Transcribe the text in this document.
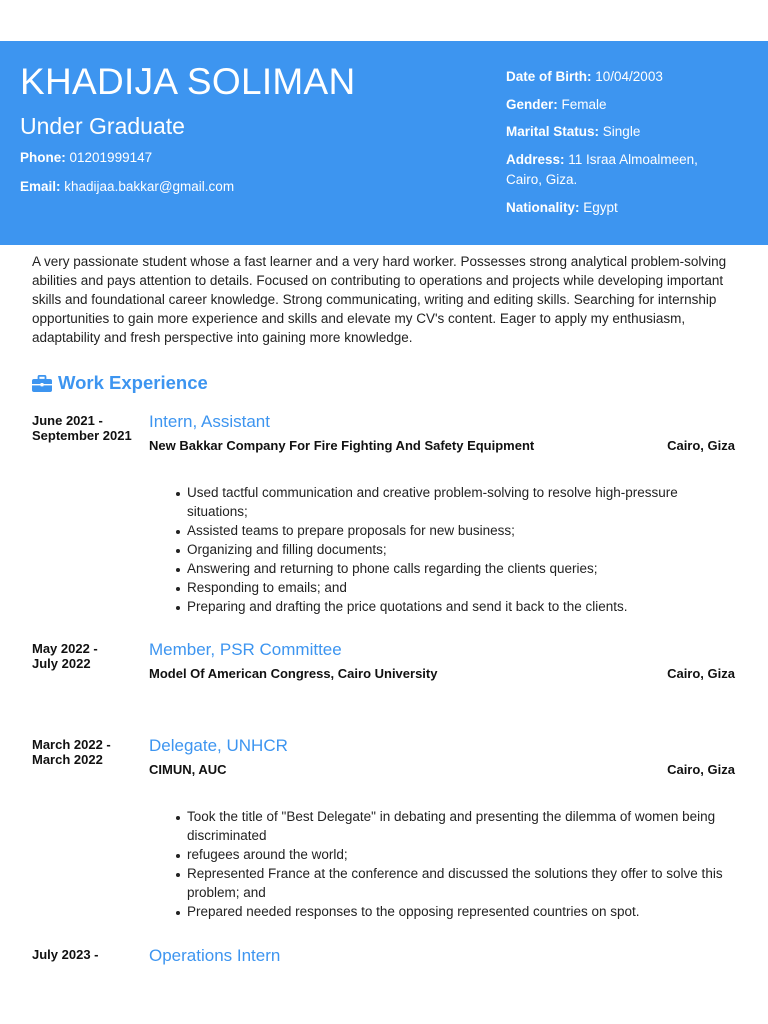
KHADIJA SOLIMAN
Under Graduate
Phone: 01201999147
Email: khadijaa.bakkar@gmail.com
Date of Birth: 10/04/2003
Gender: Female
Marital Status: Single
Address: 11 Israa Almoalmeen,
Cairo, Giza.
Nationality: Egypt
A very passionate student whose a fast learner and a very hard worker. Possesses strong analytical problem-solving abilities and pays attention to details. Focused on contributing to operations and projects while developing important skills and foundational career knowledge. Strong communicating, writing and editing skills. Searching for internship opportunities to gain more experience and skills and elevate my CV's content. Eager to apply my enthusiasm, adaptability and fresh perspective into gaining more knowledge.
Work Experience
June 2021 -
September 2021
Intern, Assistant
New Bakkar Company For Fire Fighting And Safety Equipment	Cairo, Giza
Used tactful communication and creative problem-solving to resolve high-pressure situations;
Assisted teams to prepare proposals for new business;
Organizing and filling documents;
Answering and returning to phone calls regarding the clients queries;
Responding to emails; and
Preparing and drafting the price quotations and send it back to the clients.
May 2022 -
July 2022
Member, PSR Committee
Model Of American Congress, Cairo University	Cairo, Giza
March 2022 -
March 2022
Delegate, UNHCR
CIMUN, AUC	Cairo, Giza
Took the title of "Best Delegate" in debating and presenting the dilemma of women being discriminated
refugees around the world;
Represented France at the conference and discussed the solutions they offer to solve this problem; and
Prepared needed responses to the opposing represented countries on spot.
July 2023 -	Operations Intern
